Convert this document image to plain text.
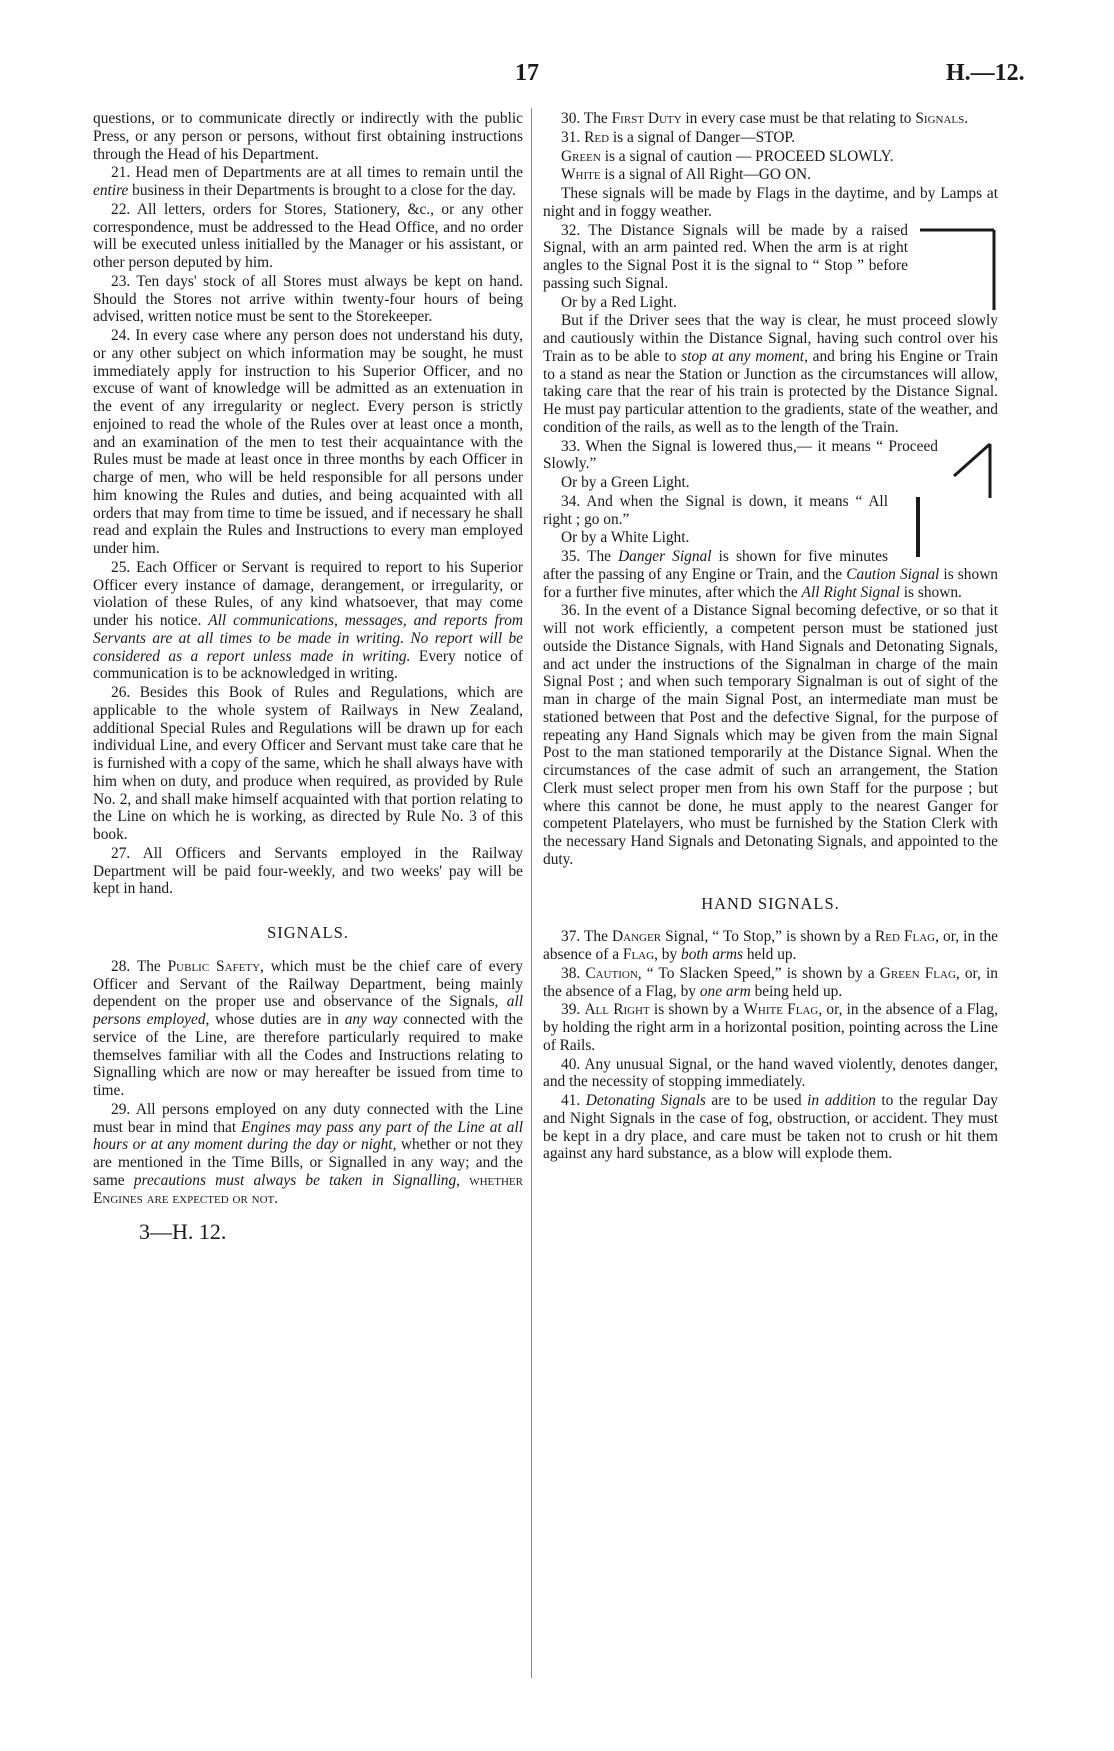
17	H.—12.

questions, or to communicate directly or indirectly with the public Press, or any person or persons, without first obtaining instructions through the Head of his Department.

21. Head men of Departments are at all times to remain until the entire business in their Departments is brought to a close for the day.

22. All letters, orders for Stores, Stationery, &c., or any other correspondence, must be addressed to the Head Office, and no order will be executed unless initialled by the Manager or his assistant, or other person deputed by him.

23. Ten days' stock of all Stores must always be kept on hand. Should the Stores not arrive within twenty-four hours of being advised, written notice must be sent to the Storekeeper.

24. In every case where any person does not understand his duty, or any other subject on which information may be sought, he must immediately apply for instruction to his Superior Officer, and no excuse of want of knowledge will be admitted as an extenuation in the event of any irregularity or neglect. Every person is strictly enjoined to read the whole of the Rules over at least once a month, and an examination of the men to test their acquaintance with the Rules must be made at least once in three months by each Officer in charge of men, who will be held responsible for all persons under him knowing the Rules and duties, and being acquainted with all orders that may from time to time be issued, and if necessary he shall read and explain the Rules and Instructions to every man employed under him.

25. Each Officer or Servant is required to report to his Superior Officer every instance of damage, derangement, or irregularity, or violation of these Rules, of any kind whatsoever, that may come under his notice. All communications, messages, and reports from Servants are at all times to be made in writing. No report will be considered as a report unless made in writing. Every notice of communication is to be acknowledged in writing.

26. Besides this Book of Rules and Regulations, which are applicable to the whole system of Railways in New Zealand, additional Special Rules and Regulations will be drawn up for each individual Line, and every Officer and Servant must take care that he is furnished with a copy of the same, which he shall always have with him when on duty, and produce when required, as provided by Rule No. 2, and shall make himself acquainted with that portion relating to the Line on which he is working, as directed by Rule No. 3 of this book.

27. All Officers and Servants employed in the Railway Department will be paid four-weekly, and two weeks' pay will be kept in hand.

SIGNALS.

28. The Public Safety, which must be the chief care of every Officer and Servant of the Railway Department, being mainly dependent on the proper use and observance of the Signals, all persons employed, whose duties are in any way connected with the service of the Line, are therefore particularly required to make themselves familiar with all the Codes and Instructions relating to Signalling which are now or may hereafter be issued from time to time.

29. All persons employed on any duty connected with the Line must bear in mind that Engines may pass any part of the Line at all hours or at any moment during the day or night, whether or not they are mentioned in the Time Bills, or Signalled in any way; and the same precautions must always be taken in Signalling, whether Engines are expected or not.

3—H. 12.

30. The First Duty in every case must be that relating to Signals.

31. Red is a signal of Danger—STOP.

Green is a signal of caution — PROCEED SLOWLY.

White is a signal of All Right—GO ON.

These signals will be made by Flags in the daytime, and by Lamps at night and in foggy weather.

32. The Distance Signals will be made by a raised Signal, with an arm painted red. When the arm is at right angles to the Signal Post it is the signal to “ Stop ” before passing such Signal.

Or by a Red Light.

But if the Driver sees that the way is clear, he must proceed slowly and cautiously within the Distance Signal, having such control over his Train as to be able to stop at any moment, and bring his Engine or Train to a stand as near the Station or Junction as the circumstances will allow, taking care that the rear of his train is protected by the Distance Signal. He must pay particular attention to the gradients, state of the weather, and condition of the rails, as well as to the length of the Train.

33. When the Signal is lowered thus,— it means “ Proceed Slowly.”

Or by a Green Light.

34. And when the Signal is down, it means “ All right ; go on.”

Or by a White Light.

35. The Danger Signal is shown for five minutes after the passing of any Engine or Train, and the Caution Signal is shown for a further five minutes, after which the All Right Signal is shown.

36. In the event of a Distance Signal becoming defective, or so that it will not work efficiently, a competent person must be stationed just outside the Distance Signals, with Hand Signals and Detonating Signals, and act under the instructions of the Signalman in charge of the main Signal Post ; and when such temporary Signalman is out of sight of the man in charge of the main Signal Post, an intermediate man must be stationed between that Post and the defective Signal, for the purpose of repeating any Hand Signals which may be given from the main Signal Post to the man stationed temporarily at the Distance Signal. When the circumstances of the case admit of such an arrangement, the Station Clerk must select proper men from his own Staff for the purpose ; but where this cannot be done, he must apply to the nearest Ganger for competent Platelayers, who must be furnished by the Station Clerk with the necessary Hand Signals and Detonating Signals, and appointed to the duty.

HAND SIGNALS.

37. The Danger Signal, “ To Stop,” is shown by a Red Flag, or, in the absence of a Flag, by both arms held up.

38. Caution, “ To Slacken Speed,” is shown by a Green Flag, or, in the absence of a Flag, by one arm being held up.

39. All Right is shown by a White Flag, or, in the absence of a Flag, by holding the right arm in a horizontal position, pointing across the Line of Rails.

40. Any unusual Signal, or the hand waved violently, denotes danger, and the necessity of stopping immediately.

41. Detonating Signals are to be used in addition to the regular Day and Night Signals in the case of fog, obstruction, or accident. They must be kept in a dry place, and care must be taken not to crush or hit them against any hard substance, as a blow will explode them.
